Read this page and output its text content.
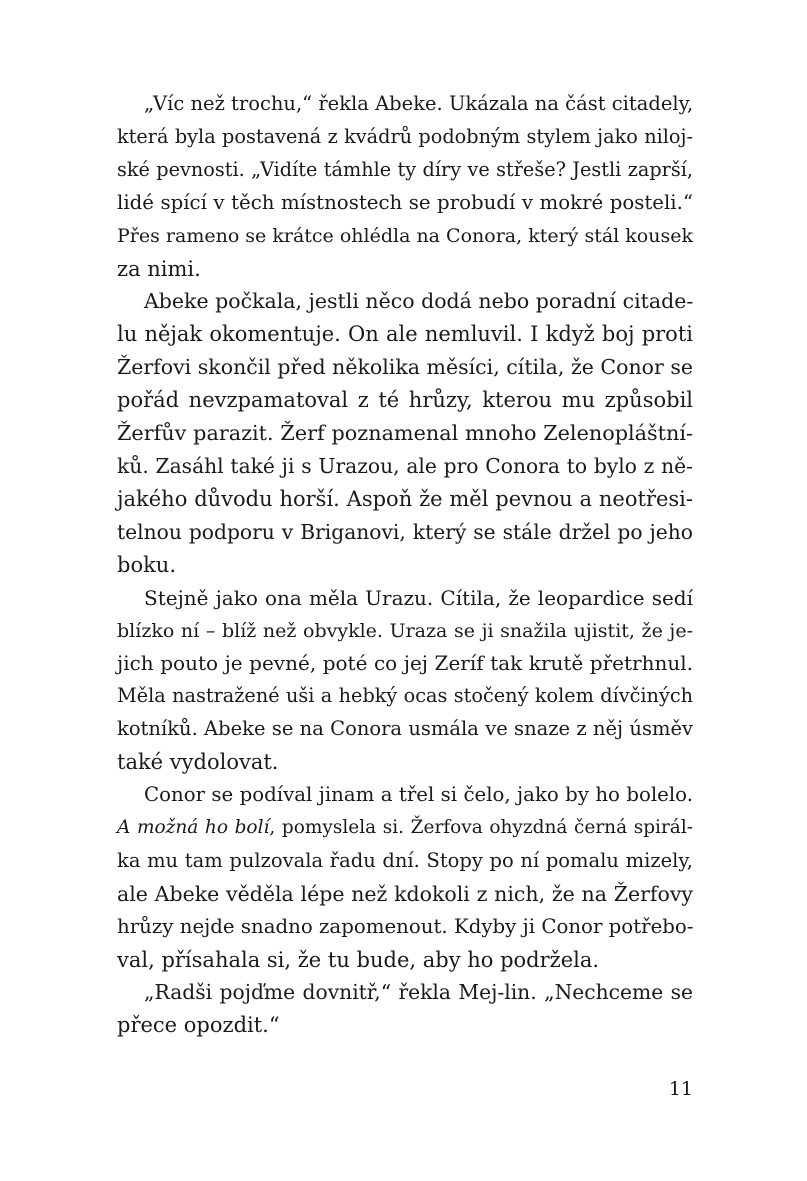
„Víc než trochu,“ řekla Abeke. Ukázala na část citadely,
která byla postavená z kvádrů podobným stylem jako niloj-
ské pevnosti. „Vidíte támhle ty díry ve střeše? Jestli zaprší,
lidé spící v těch místnostech se probudí v mokré posteli.“
Přes rameno se krátce ohlédla na Conora, který stál kousek
za nimi.

Abeke počkala, jestli něco dodá nebo poradní citade-
lu nějak okomentuje. On ale nemluvil. I když boj proti
Žerfovi skončil před několika měsíci, cítila, že Conor se
pořád nevzpamatoval z té hrůzy, kterou mu způsobil
Žerfův parazit. Žerf poznamenal mnoho Zelenopláštní-
ků. Zasáhl také ji s Urazou, ale pro Conora to bylo z ně-
jakého důvodu horší. Aspoň že měl pevnou a neotřesi-
telnou podporu v Briganovi, který se stále držel po jeho
boku.

Stejně jako ona měla Urazu. Cítila, že leopardice sedí
blízko ní – blíž než obvykle. Uraza se ji snažila ujistit, že je-
jich pouto je pevné, poté co jej Zeríf tak krutě přetrhnul.
Měla nastražené uši a hebký ocas stočený kolem dívčiných
kotníků. Abeke se na Conora usmála ve snaze z něj úsměv
také vydolovat.

Conor se podíval jinam a třel si čelo, jako by ho bolelo.
A možná ho bolí, pomyslela si. Žerfova ohyzdná černá spirál-
ka mu tam pulzovala řadu dní. Stopy po ní pomalu mizely,
ale Abeke věděla lépe než kdokoli z nich, že na Žerfovy
hrůzy nejde snadno zapomenout. Kdyby ji Conor potřebo-
val, přísahala si, že tu bude, aby ho podržela.

„Radši pojďme dovnitř,“ řekla Mej-lin. „Nechceme se
přece opozdit.“

11
